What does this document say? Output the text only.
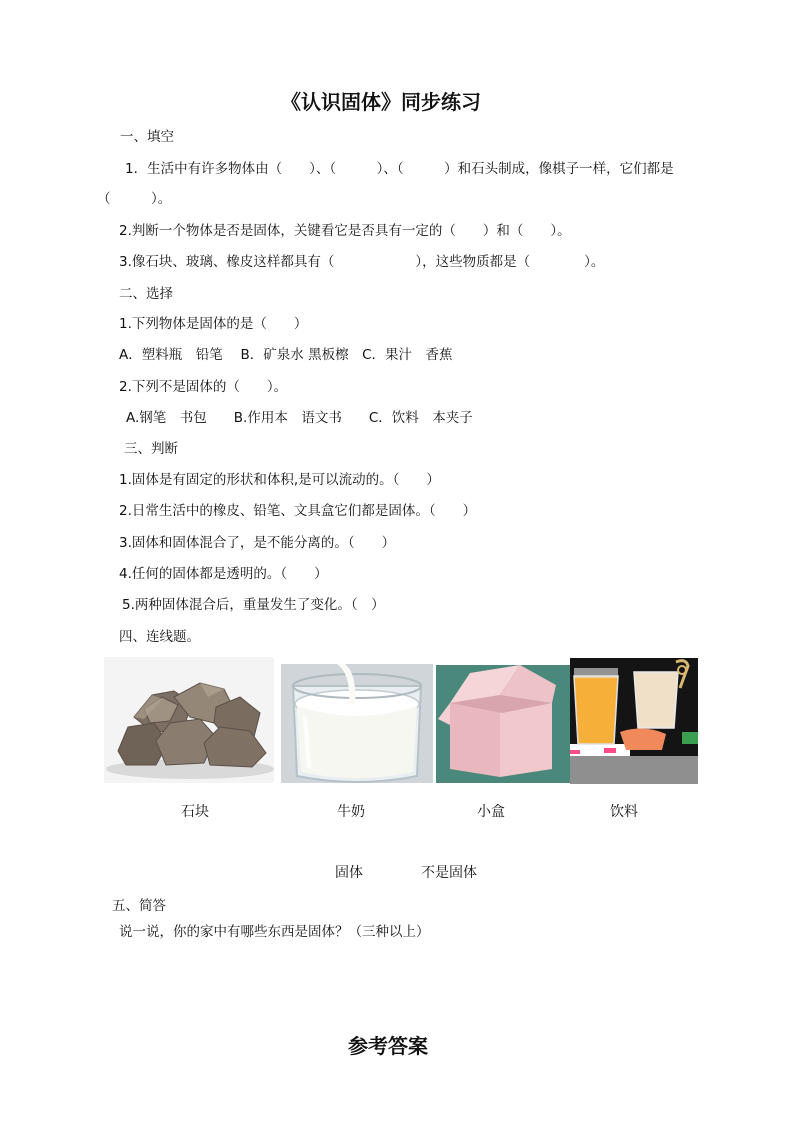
《认识固体》同步练习
一、填空
1．生活中有许多物体由（　　）、（　　　）、（　　　）和石头制成，像棋子一样，它们都是
（　　　）。
2.判断一个物体是否是固体，关键看它是否具有一定的（　　）和（　　）。
3.像石块、玻璃、橡皮这样都具有（　　　　　　），这些物质都是（　　　　）。
二、选择
1.下列物体是固体的是（　　）
A．塑料瓶　铅笔　 B．矿泉水 黑板檫　C．果汁　香蕉
2.下列不是固体的（　　）。
A.钢笔　书包　　B.作用本　语文书　　C．饮料　本夹子
三、判断
1.固体是有固定的形状和体积,是可以流动的。（　　）
2.日常生活中的橡皮、铅笔、文具盒它们都是固体。（　　）
3.固体和固体混合了，是不能分离的。（　　）
4.任何的固体都是透明的。（　　）
5.两种固体混合后，重量发生了变化。（　）
四、连线题。
石块	牛奶	小盒	饮料
固体	不是固体
五、简答
说一说，你的家中有哪些东西是固体？（三种以上）
参考答案
